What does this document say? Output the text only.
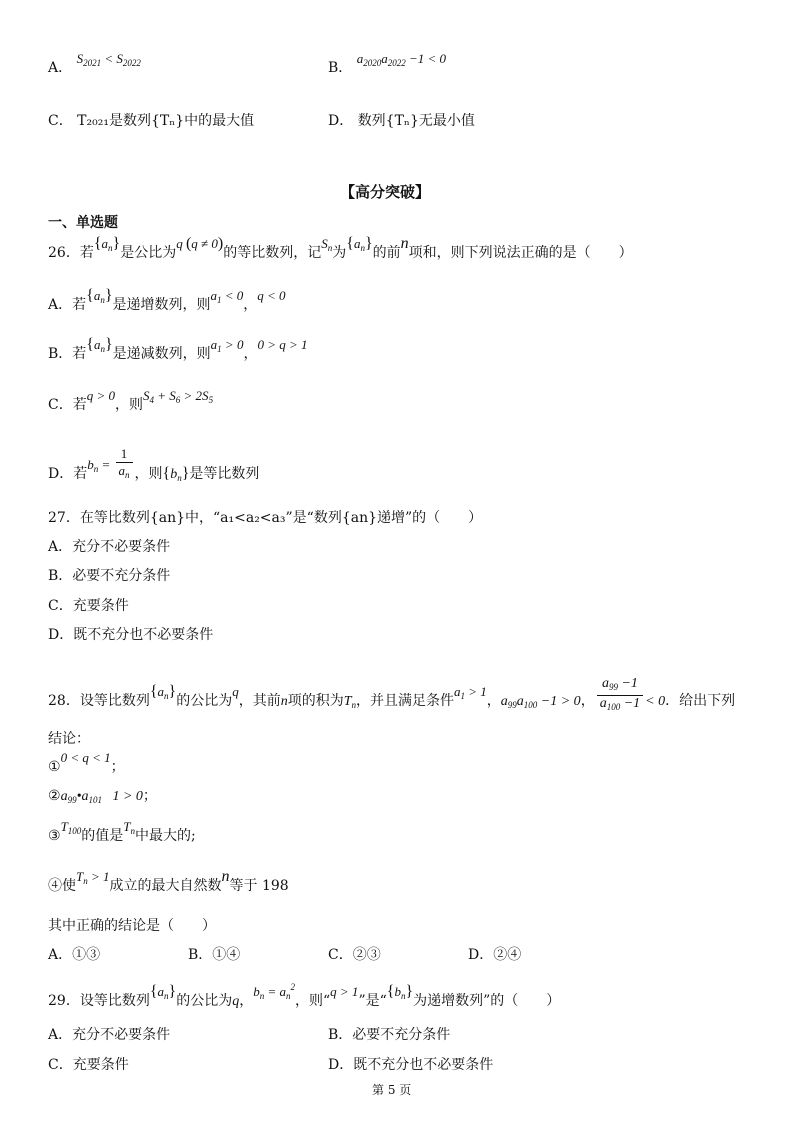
A． $S_{2021} < S_{2022}$	B． $a_{2020}a_{2022} -1 < 0$
C． T₂₀₂₁是数列{Tₙ}中的最大值	D． 数列{Tₙ}无最小值
【高分突破】
一、单选题
26．若$\{a_n\}$是公比为q (q ≠ 0)的等比数列，记$S_n$为$\{a_n\}$的前n项和，则下列说法正确的是（　　）
A．若$\{a_n\}$是递增数列，则$a_1 < 0$，q < 0
B．若$\{a_n\}$是递减数列，则$a_1 > 0$，0 > q > 1
C．若q > 0，则$S_4 + S_6 > 2S_5$
D．若$b_n = \frac{1}{a_n}$ ，则$\{b_n\}$是等比数列
27．在等比数列{an}中，“a₁<a₂<a₃”是“数列{an}递增”的（　　）
A．充分不必要条件
B．必要不充分条件
C．充要条件
D．既不充分也不必要条件
28．设等比数列$\{a_n\}$的公比为q，其前n项的积为$T_n$，并且满足条件$a_1 > 1$，$a_{99}a_{100} -1 > 0$， $\frac{a_{99} -1}{a_{100} -1} < 0$．给出下列
结论：
①0 < q < 1；
$②a_{99}•a_{101}$   1 > 0；
$③T_{100}$的值是$T_n$中最大的;
④使$T_n > 1$成立的最大自然数n等于 198
其中正确的结论是（　　）
A．①③	B．①④	C．②③	D．②④
29．设等比数列$\{a_n\}$的公比为q，$b_n = a_n^2$，则“q > 1”是“$\{b_n\}$为递增数列”的（　　）
A．充分不必要条件	B．必要不充分条件
C．充要条件	D．既不充分也不必要条件
第 5 页
